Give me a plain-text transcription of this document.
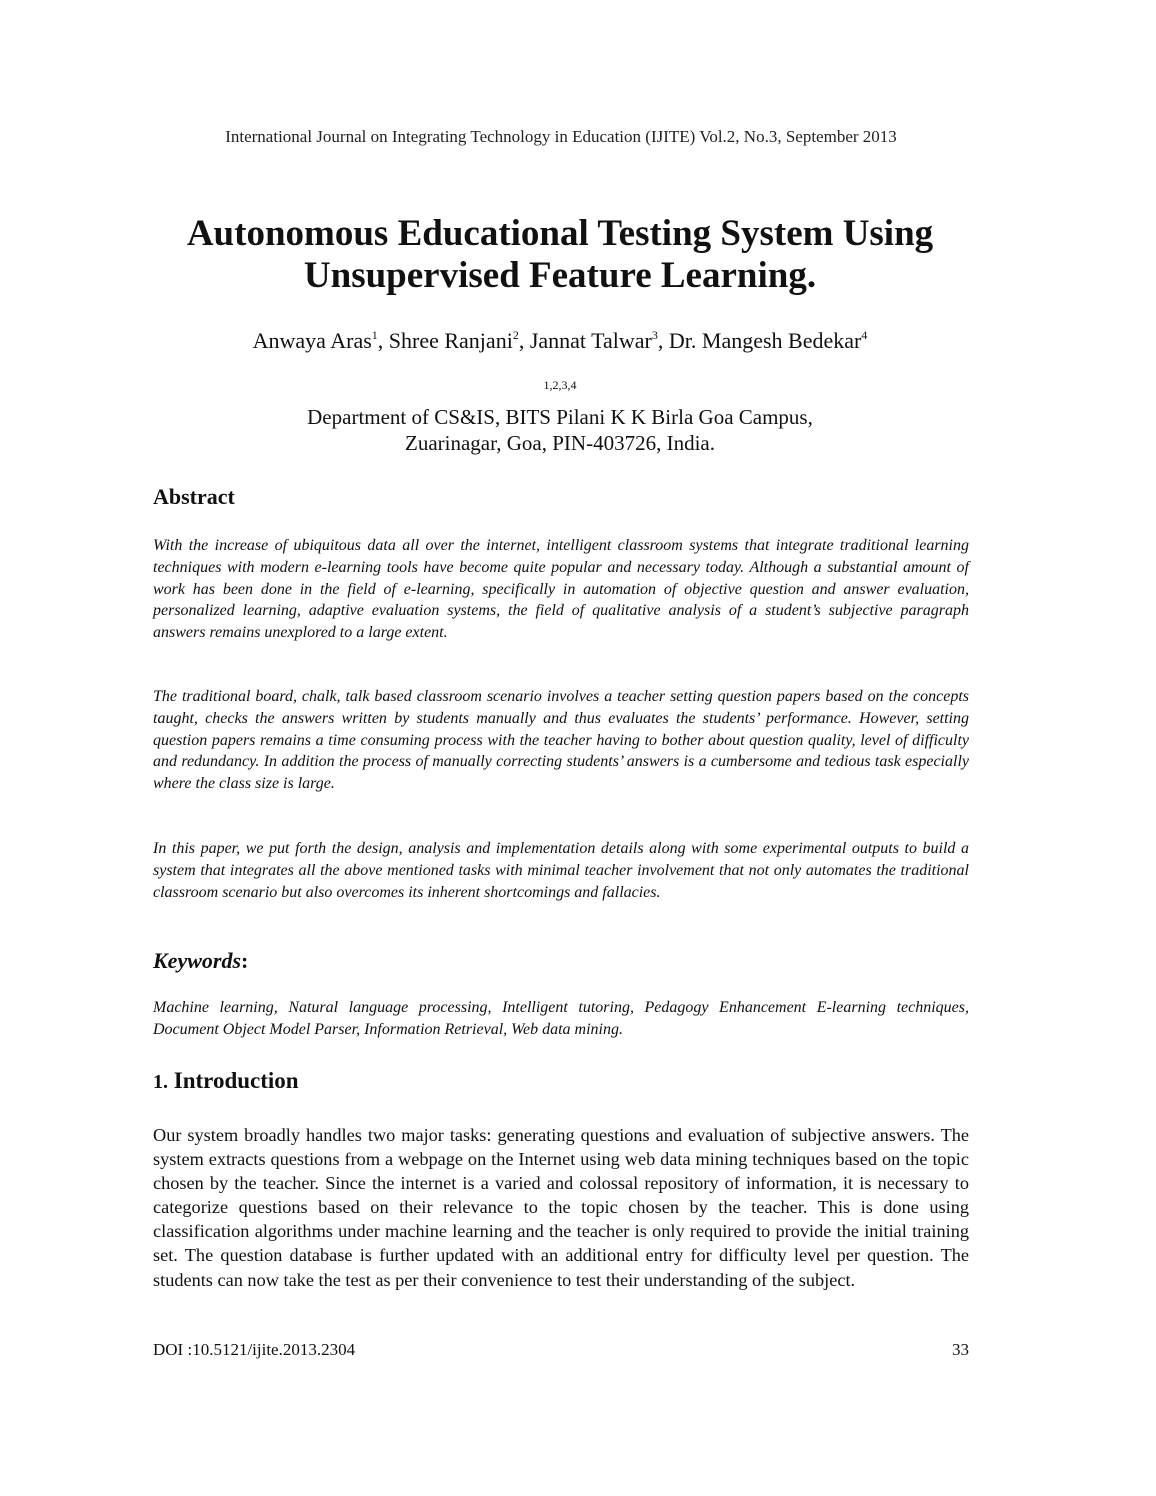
International Journal on Integrating Technology in Education (IJITE) Vol.2, No.3, September 2013
Autonomous Educational Testing System Using
Unsupervised Feature Learning.
Anwaya Aras$^1$, Shree Ranjani$^2$, Jannat Talwar$^3$, Dr. Mangesh Bedekar$^4$
$^{1,2,3,4}$
Department of CS&IS, BITS Pilani K K Birla Goa Campus,
Zuarinagar, Goa, PIN-403726, India.
Abstract

With the increase of ubiquitous data all over the internet, intelligent classroom systems that integrate traditional learning techniques with modern e-learning tools have become quite popular and necessary today. Although a substantial amount of work has been done in the field of e-learning, specifically in automation of objective question and answer evaluation, personalized learning, adaptive evaluation systems, the field of qualitative analysis of a student’s subjective paragraph answers remains unexplored to a large extent.

The traditional board, chalk, talk based classroom scenario involves a teacher setting question papers based on the concepts taught, checks the answers written by students manually and thus evaluates the students’ performance. However, setting question papers remains a time consuming process with the teacher having to bother about question quality, level of difficulty and redundancy. In addition the process of manually correcting students’ answers is a cumbersome and tedious task especially where the class size is large.

In this paper, we put forth the design, analysis and implementation details along with some experimental outputs to build a system that integrates all the above mentioned tasks with minimal teacher involvement that not only automates the traditional classroom scenario but also overcomes its inherent shortcomings and fallacies.

Keywords:

Machine learning, Natural language processing, Intelligent tutoring, Pedagogy Enhancement E-learning techniques, Document Object Model Parser, Information Retrieval, Web data mining.

1. Introduction

Our system broadly handles two major tasks: generating questions and evaluation of subjective answers. The system extracts questions from a webpage on the Internet using web data mining techniques based on the topic chosen by the teacher. Since the internet is a varied and colossal repository of information, it is necessary to categorize questions based on their relevance to the topic chosen by the teacher. This is done using classification algorithms under machine learning and the teacher is only required to provide the initial training set. The question database is further updated with an additional entry for difficulty level per question. The students can now take the test as per their convenience to test their understanding of the subject.

DOI :10.5121/ijite.2013.2304	33
